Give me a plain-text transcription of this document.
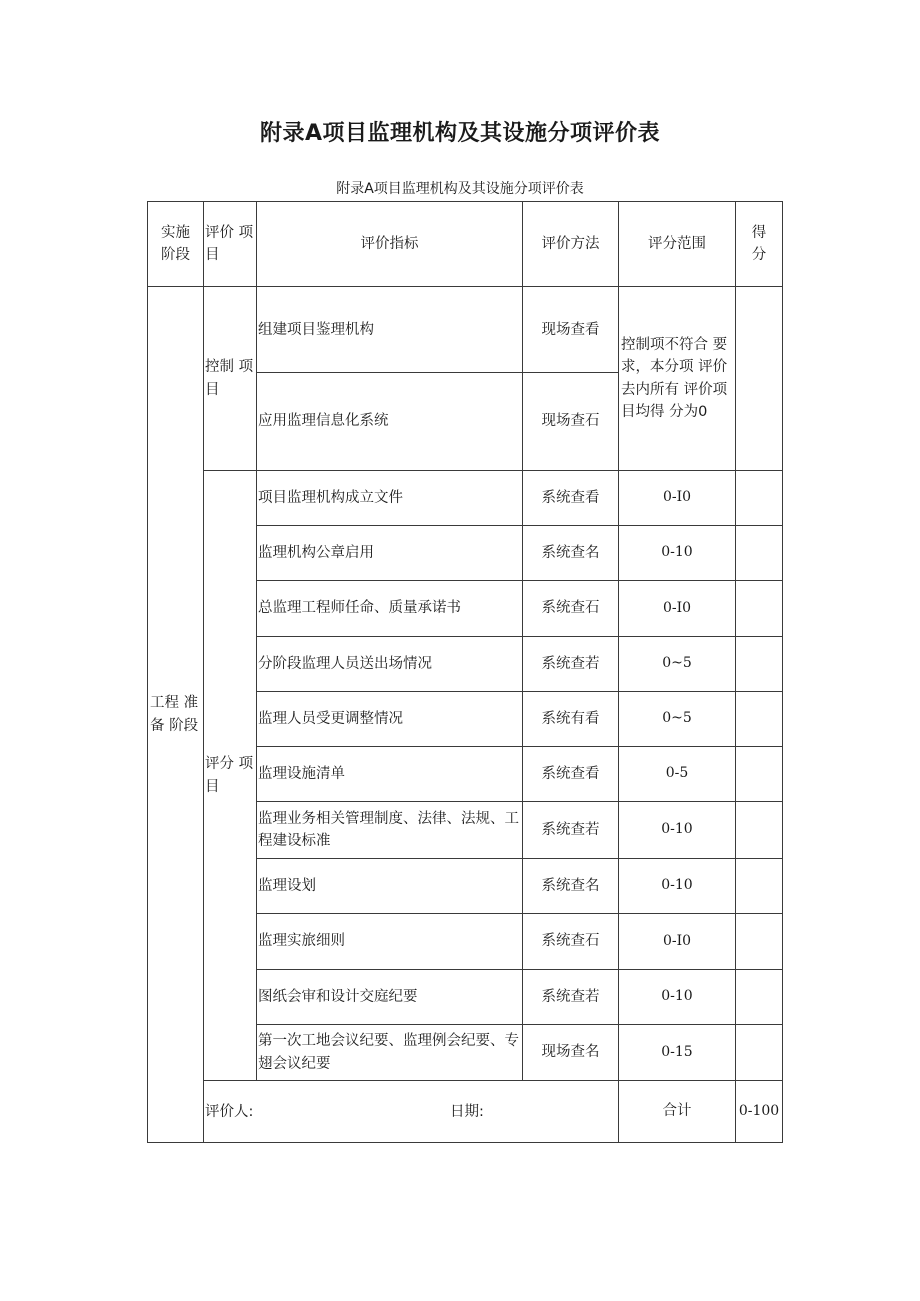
附录A项目监理机构及其设施分项评价表
附录A项目监理机构及其设施分项评价表
实施阶段	评价 项目	评价指标	评价方法	评分范围	得分	
工程 准备 阶段	控制 项目	组建项目鉴理机构	现场查看	控制项不符合 要求，本分项 评价去内所有 评价项目均得 分为0		
		应用监理信息化系统	现场查石			
	评分 项目	项目监理机构成立文件	系统查看	0-I0		
		监理机构公章启用	系统查名	0-10		
		总监理工程师任命、质量承诺书	系统查石	0-I0		
		分阶段监理人员送出场情况	系统查若	0~5		
		监理人员受更调整情况	系统有看	0~5		
		监理设施清单	系统查看	0-5		
		监理业务相关管理制度、法律、法规、工程建设标准	系统查若	0-10		
		监理设划	系统查名	0-10		
		监理实旅细则	系统查石	0-I0		
		图纸会审和设计交庭纪要	系统查若	0-10		
		第一次工地会议纪要、监理例会纪要、专翅会议纪要	现场查名	0-15		

	评价人: 日期:			合计	0-100	
